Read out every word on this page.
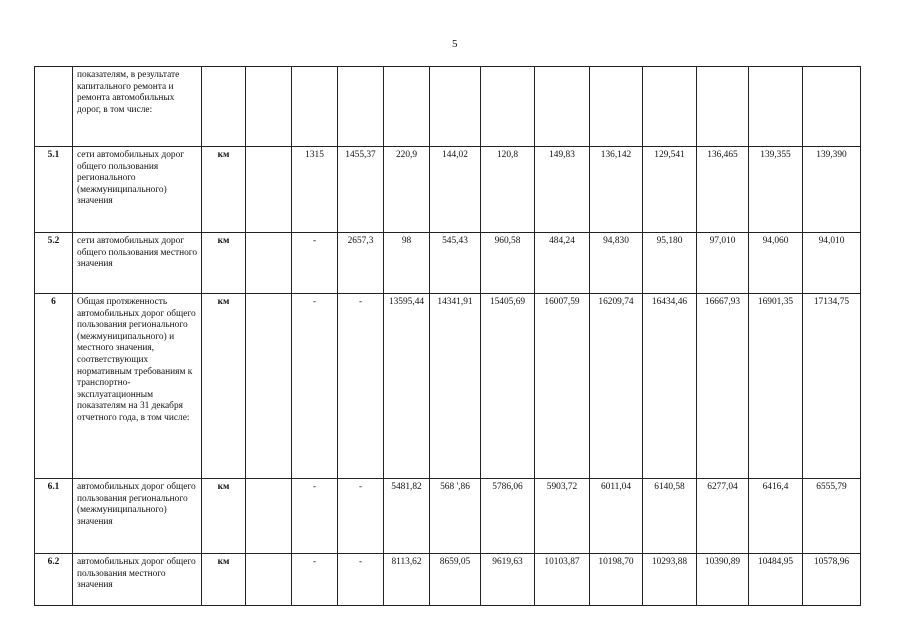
5
	показателям, в результате капитального ремонта и ремонта автомобильных дорог, в том числе:														
5.1	сети автомобильных дорог общего пользования регионального (межмуниципального) значения	км		1315	1455,37	220,9	144,02	120,8	149,83	136,142	129,541	136,465	139,355	139,390	
5.2	сети автомобильных дорог общего пользования местного значения	км		-	2657,3	98	545,43	960,58	484,24	94,830	95,180	97,010	94,060	94,010	
6	Общая протяженность автомобильных дорог общего пользования регионального (межмуниципального) и местного значения, соответствующих нормативным требованиям к транспортно-эксплуатационным показателям на 31 декабря отчетного года, в том числе:	км		-	-	13595,44	14341,91	15405,69	16007,59	16209,74	16434,46	16667,93	16901,35	17134,75	
6.1	автомобильных дорог общего пользования регионального (межмуниципального) значения	км		-	-	5481,82	568 ',86	5786,06	5903,72	6011,04	6140,58	6277,04	6416,4	6555,79	
6.2	автомобильных дорог общего пользования местного значения	км		-	-	8113,62	8659,05	9619,63	10103,87	10198,70	10293,88	10390,89	10484,95	10578,96	
